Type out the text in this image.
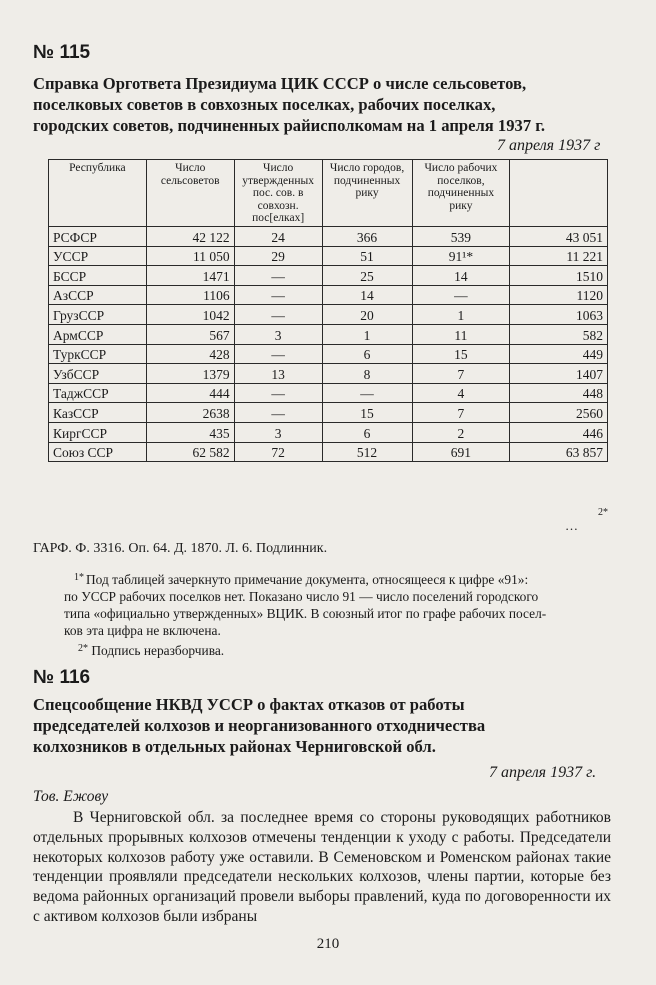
№ 115
Справка Оргответа Президиума ЦИК СССР о числе сельсоветов,
поселковых советов в совхозных поселках, рабочих поселках,
городских советов, подчиненных райисполкомам на 1 апреля 1937 г.
7 апреля 1937 г
Республика	Число сельсоветов	Число утвержденных пос. сов. в совхозн. пос[елках]	Число городов, подчиненных рику	Число рабочих поселков, подчиненных рику	
РСФСР	42 122	24	366	539	43 051
УССР	11 050	29	51	91¹*	11 221
БССР	1471	—	25	14	1510
АзССР	1106	—	14	—	1120
ГрузССР	1042	—	20	1	1063
АрмССР	567	3	1	11	582
ТуркССР	428	—	6	15	449
УзбССР	1379	13	8	7	1407
ТаджССР	444	—	—	4	448
КазССР	2638	—	15	7	2560
КиргССР	435	3	6	2	446
Союз ССР	62 582	72	512	691	63 857
…
2*
ГАРФ. Ф. 3316. Оп. 64. Д. 1870. Л. 6. Подлинник.
1* Под таблицей зачеркнуто примечание документа, относящееся к цифре «91»:
по УССР рабочих поселков нет. Показано число 91 — число поселений городского
типа «официально утвержденных» ВЦИК. В союзный итог по графе рабочих посел-
ков эта цифра не включена.
$^{2*}$ Подпись неразборчива.
№ 116
Спецсообщение НКВД УССР о фактах отказов от работы
председателей колхозов и неорганизованного отходничества
колхозников в отдельных районах Черниговской обл.
7 апреля 1937 г.
Тов. Ежову

В Черниговской обл. за последнее время со стороны руководящих работников отдельных прорывных колхозов отмечены тенденции к уходу с работы. Председатели некоторых колхозов работу уже оставили. В Семеновском и Роменском районах такие тенденции проявляли председатели нескольких колхозов, члены партии, которые без ведома районных организаций провели выборы правлений, куда по договоренности их с активом колхозов были избраны

210
